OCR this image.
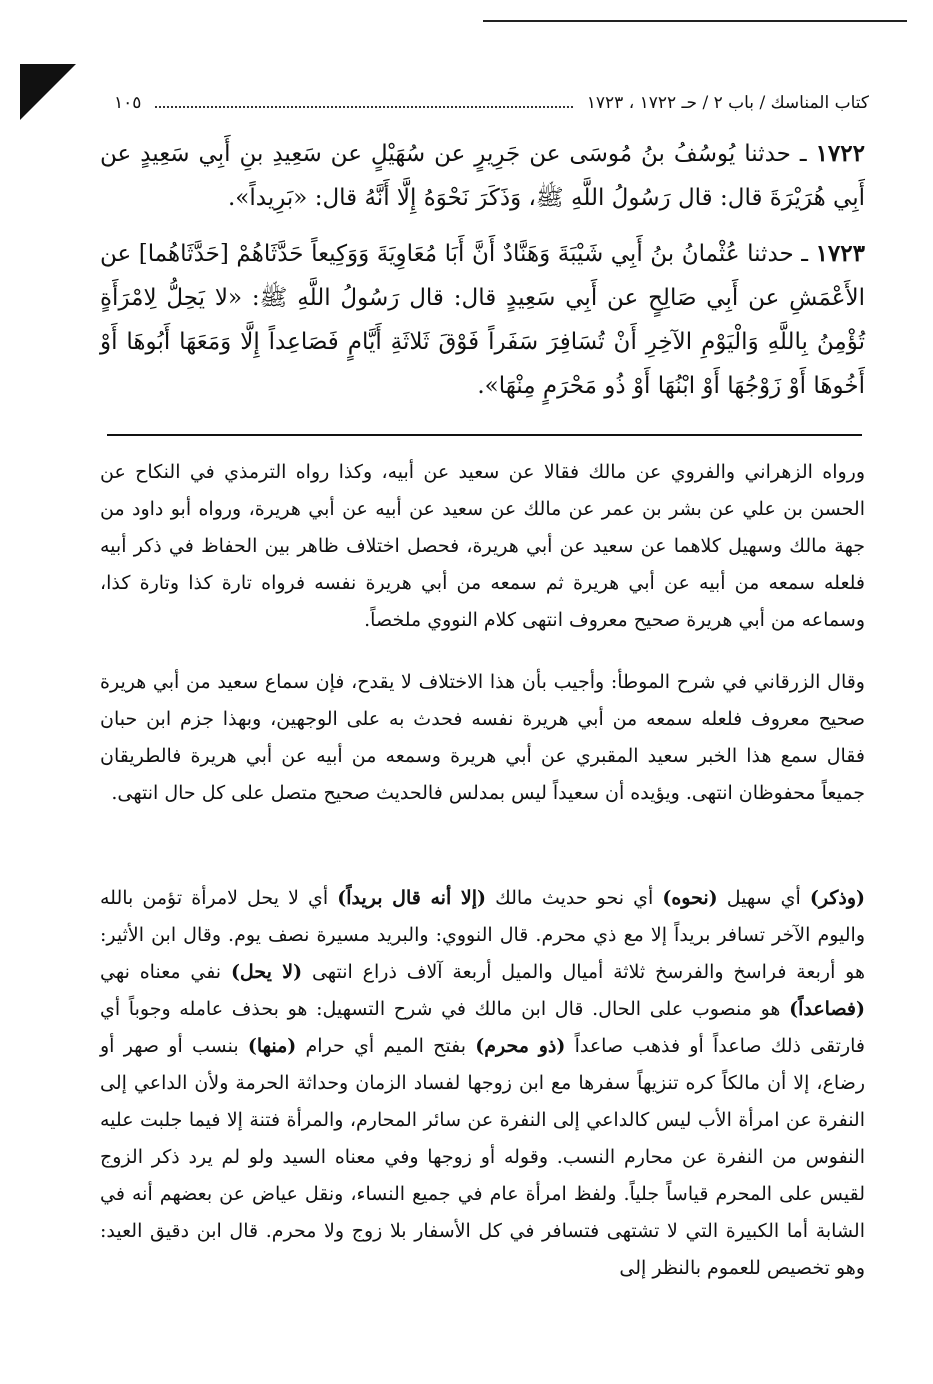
كتاب المناسك / باب ٢ / حـ ١٧٢٢ ، ١٧٢٣
١٠٥

١٧٢٢ ـ حدثنا يُوسُفُ بنُ مُوسَى عن جَرِيرٍ عن سُهَيْلٍ عن سَعِيدِ بنِ أَبِي سَعِيدٍ عن أَبِي هُرَيْرَةَ قال: قال رَسُولُ اللَّهِ ﷺ، وَذَكَرَ نَحْوَهُ إِلَّا أَنَّهُ قال: «بَرِيداً».

١٧٢٣ ـ حدثنا عُثْمانُ بنُ أَبِي شَيْبَةَ وَهَنَّادٌ أَنَّ أَبَا مُعَاوِيَةَ وَوَكِيعاً حَدَّثَاهُمْ [حَدَّثَاهُما] عن الأَعْمَشِ عن أَبِي صَالِحٍ عن أَبِي سَعِيدٍ قال: قال رَسُولُ اللَّهِ ﷺ: «لا يَحِلُّ لِامْرَأَةٍ تُؤْمِنُ بِاللَّهِ وَالْيَوْمِ الآخِرِ أَنْ تُسَافِرَ سَفَراً فَوْقَ ثَلاثَةِ أَيَّامٍ فَصَاعِداً إِلَّا وَمَعَهَا أَبُوهَا أَوْ أَخُوهَا أَوْ زَوْجُهَا أَوْ ابْنُهَا أَوْ ذُو مَحْرَمٍ مِنْهَا».

ورواه الزهراني والفروي عن مالك فقالا عن سعيد عن أبيه، وكذا رواه الترمذي في النكاح عن الحسن بن علي عن بشر بن عمر عن مالك عن سعيد عن أبيه عن أبي هريرة، ورواه أبو داود من جهة مالك وسهيل كلاهما عن سعيد عن أبي هريرة، فحصل اختلاف ظاهر بين الحفاظ في ذكر أبيه فلعله سمعه من أبيه عن أبي هريرة ثم سمعه من أبي هريرة نفسه فرواه تارة كذا وتارة كذا، وسماعه من أبي هريرة صحيح معروف انتهى كلام النووي ملخصاً.

وقال الزرقاني في شرح الموطأ: وأجيب بأن هذا الاختلاف لا يقدح، فإن سماع سعيد من أبي هريرة صحيح معروف فلعله سمعه من أبي هريرة نفسه فحدث به على الوجهين، وبهذا جزم ابن حبان فقال سمع هذا الخبر سعيد المقبري عن أبي هريرة وسمعه من أبيه عن أبي هريرة فالطريقان جميعاً محفوظان انتهى. ويؤيده أن سعيداً ليس بمدلس فالحديث صحيح متصل على كل حال انتهى.

(وذكر) أي سهيل (نحوه) أي نحو حديث مالك (إلا أنه قال بريداً) أي لا يحل لامرأة تؤمن بالله واليوم الآخر تسافر بريداً إلا مع ذي محرم. قال النووي: والبريد مسيرة نصف يوم. وقال ابن الأثير: هو أربعة فراسخ والفرسخ ثلاثة أميال والميل أربعة آلاف ذراع انتهى (لا يحل) نفي معناه نهي (فصاعداً) هو منصوب على الحال. قال ابن مالك في شرح التسهيل: هو بحذف عامله وجوباً أي فارتقى ذلك صاعداً أو فذهب صاعداً (ذو محرم) بفتح الميم أي حرام (منها) بنسب أو صهر أو رضاع، إلا أن مالكاً كره تنزيهاً سفرها مع ابن زوجها لفساد الزمان وحداثة الحرمة ولأن الداعي إلى النفرة عن امرأة الأب ليس كالداعي إلى النفرة عن سائر المحارم، والمرأة فتنة إلا فيما جلبت عليه النفوس من النفرة عن محارم النسب. وقوله أو زوجها وفي معناه السيد ولو لم يرد ذكر الزوج لقيس على المحرم قياساً جلياً. ولفظ امرأة عام في جميع النساء، ونقل عياض عن بعضهم أنه في الشابة أما الكبيرة التي لا تشتهى فتسافر في كل الأسفار بلا زوج ولا محرم. قال ابن دقيق العيد: وهو تخصيص للعموم بالنظر إلى
